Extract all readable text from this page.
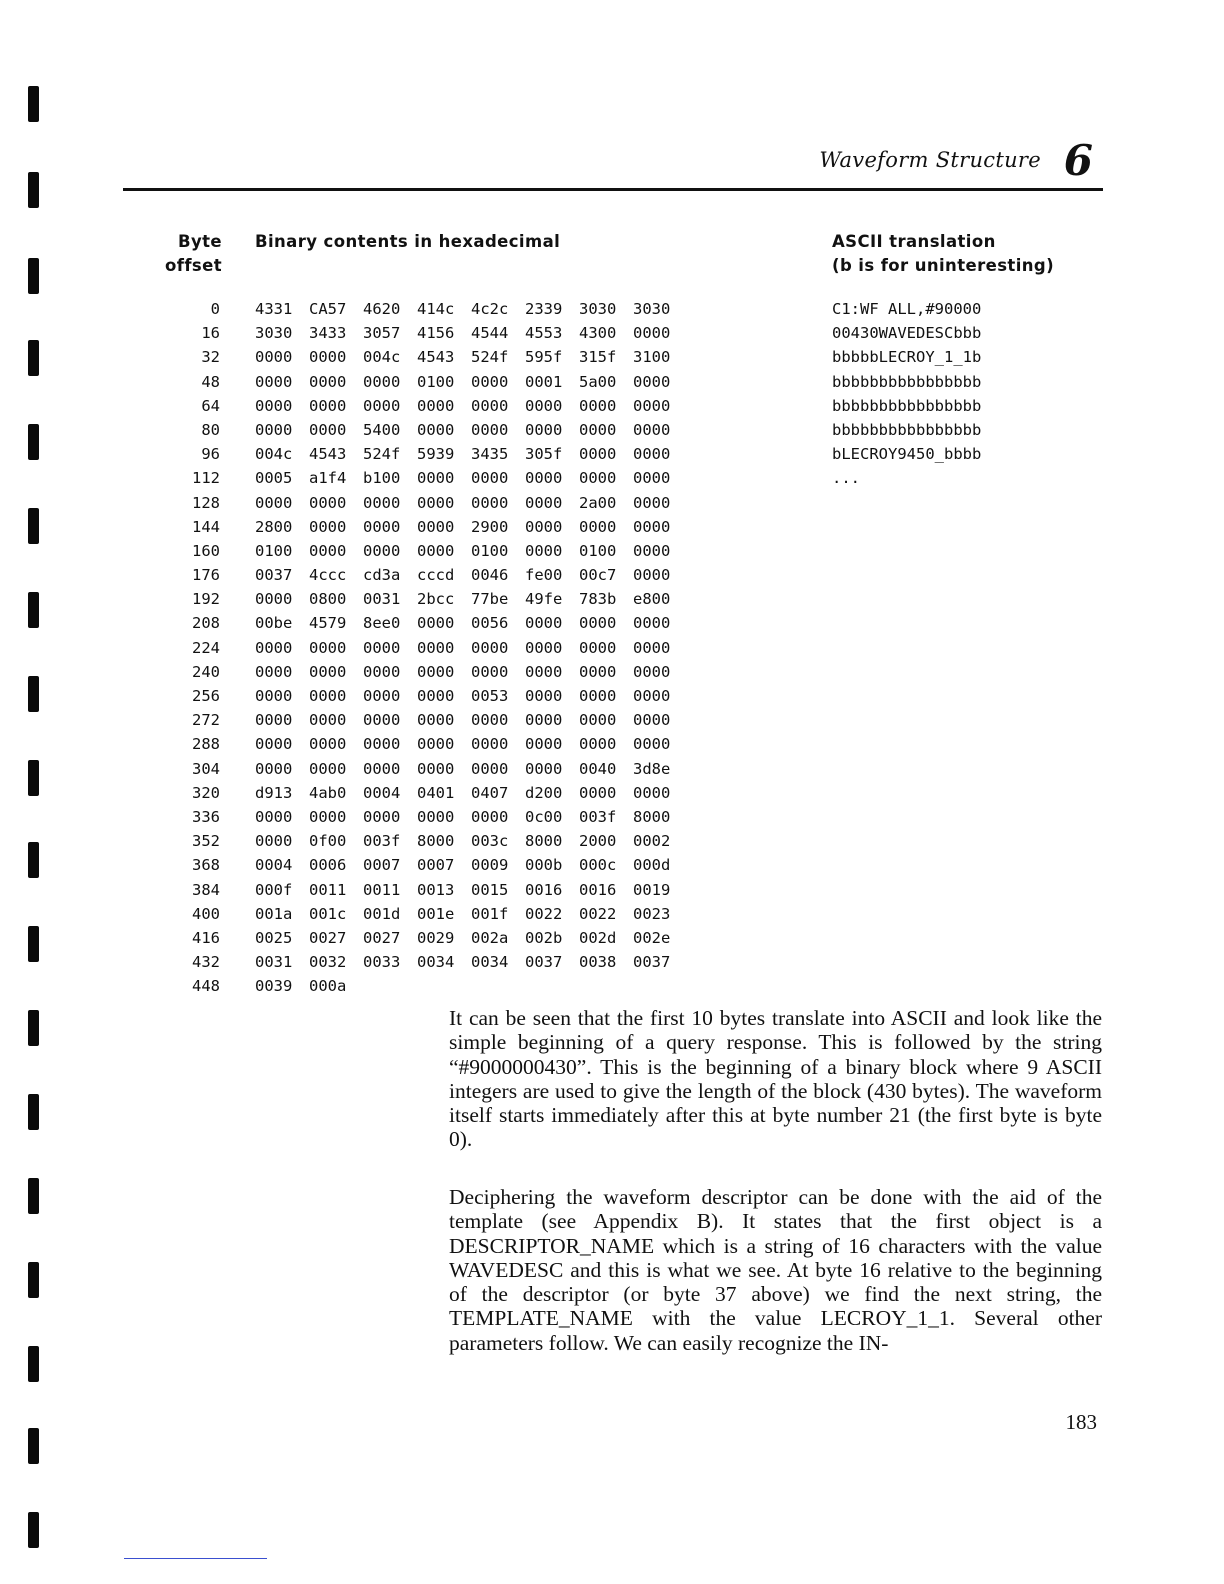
Waveform Structure 6
Byte
offset
Binary contents in hexadecimal	ASCII translation
(b is for uninteresting)
0 4331 CA57 4620 414c 4c2c 2339 3030 3030
16 3030 3433 3057 4156 4544 4553 4300 0000
32 0000 0000 004c 4543 524f 595f 315f 3100
48 0000 0000 0000 0100 0000 0001 5a00 0000
64 0000 0000 0000 0000 0000 0000 0000 0000
80 0000 0000 5400 0000 0000 0000 0000 0000
96 004c 4543 524f 5939 3435 305f 0000 0000
112 0005 a1f4 b100 0000 0000 0000 0000 0000
128 0000 0000 0000 0000 0000 0000 2a00 0000
144 2800 0000 0000 0000 2900 0000 0000 0000
160 0100 0000 0000 0000 0100 0000 0100 0000
176 0037 4ccc cd3a cccd 0046 fe00 00c7 0000
192 0000 0800 0031 2bcc 77be 49fe 783b e800
208 00be 4579 8ee0 0000 0056 0000 0000 0000
224 0000 0000 0000 0000 0000 0000 0000 0000
240 0000 0000 0000 0000 0000 0000 0000 0000
256 0000 0000 0000 0000 0053 0000 0000 0000
272 0000 0000 0000 0000 0000 0000 0000 0000
288 0000 0000 0000 0000 0000 0000 0000 0000
304 0000 0000 0000 0000 0000 0000 0040 3d8e
320 d913 4ab0 0004 0401 0407 d200 0000 0000
336 0000 0000 0000 0000 0000 0c00 003f 8000
352 0000 0f00 003f 8000 003c 8000 2000 0002
368 0004 0006 0007 0007 0009 000b 000c 000d
384 000f 0011 0011 0013 0015 0016 0016 0019
400 001a 001c 001d 001e 001f 0022 0022 0023
416 0025 0027 0027 0029 002a 002b 002d 002e
432 0031 0032 0033 0034 0034 0037 0038 0037
448 0039 000a
C1:WF ALL,#90000
00430WAVEDESCbbb
bbbbbLECROY_1_1b
bbbbbbbbbbbbbbbb
bbbbbbbbbbbbbbbb
bbbbbbbbbbbbbbbb
bLECROY9450_bbbb
...

It can be seen that the first 10 bytes translate into ASCII and look like the simple beginning of a query response. This is followed by the string “#9000000430”. This is the beginning of a binary block where 9 ASCII integers are used to give the length of the block (430 bytes). The waveform itself starts immediately after this at byte number 21 (the first byte is byte 0).

Deciphering the waveform descriptor can be done with the aid of the template (see Appendix B). It states that the first object is a DESCRIPTOR_NAME which is a string of 16 characters with the value WAVEDESC and this is what we see. At byte 16 relative to the beginning of the descriptor (or byte 37 above) we find the next string, the TEMPLATE_NAME with the value LECROY_1_1. Several other parameters follow. We can easily recognize the IN-

183
